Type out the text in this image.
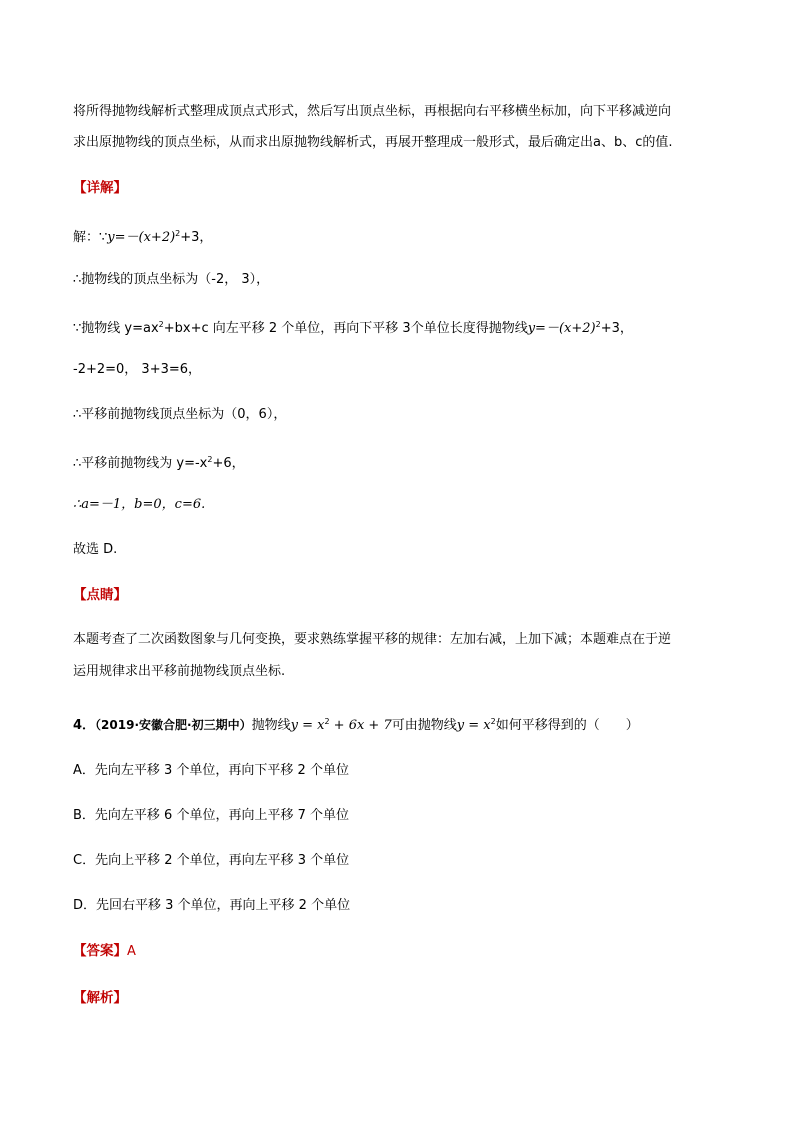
将所得抛物线解析式整理成顶点式形式，然后写出顶点坐标，再根据向右平移横坐标加，向下平移减逆向
求出原抛物线的顶点坐标，从而求出原抛物线解析式，再展开整理成一般形式，最后确定出a、b、c的值.
【详解】
解：$\because y=-(x+2)^2+3$，
∴抛物线的顶点坐标为（-2， 3），
∵抛物线 $y=ax^2+bx+c$ 向左平移 2 个单位，再向下平移 3个单位长度得抛物线$y=-(x+2)^2+3$，
-2+2=0， 3+3=6，
∴平移前抛物线顶点坐标为（0，6），
∴平移前抛物线为 $y=-x^2+6$，
∴a=－1，b=0，c=6.
故选 D.
【点睛】
本题考查了二次函数图象与几何变换，要求熟练掌握平移的规律：左加右减，上加下减；本题难点在于逆
运用规律求出平移前抛物线顶点坐标.
4．（2019·安徽合肥·初三期中）抛物线$y = x^2 + 6x + 7$可由抛物线$y = x^2$如何平移得到的（　　）
A．先向左平移 3 个单位，再向下平移 2 个单位
B．先向左平移 6 个单位，再向上平移 7 个单位
C．先向上平移 2 个单位，再向左平移 3 个单位
D．先回右平移 3 个单位，再向上平移 2 个单位
【答案】A
【解析】
